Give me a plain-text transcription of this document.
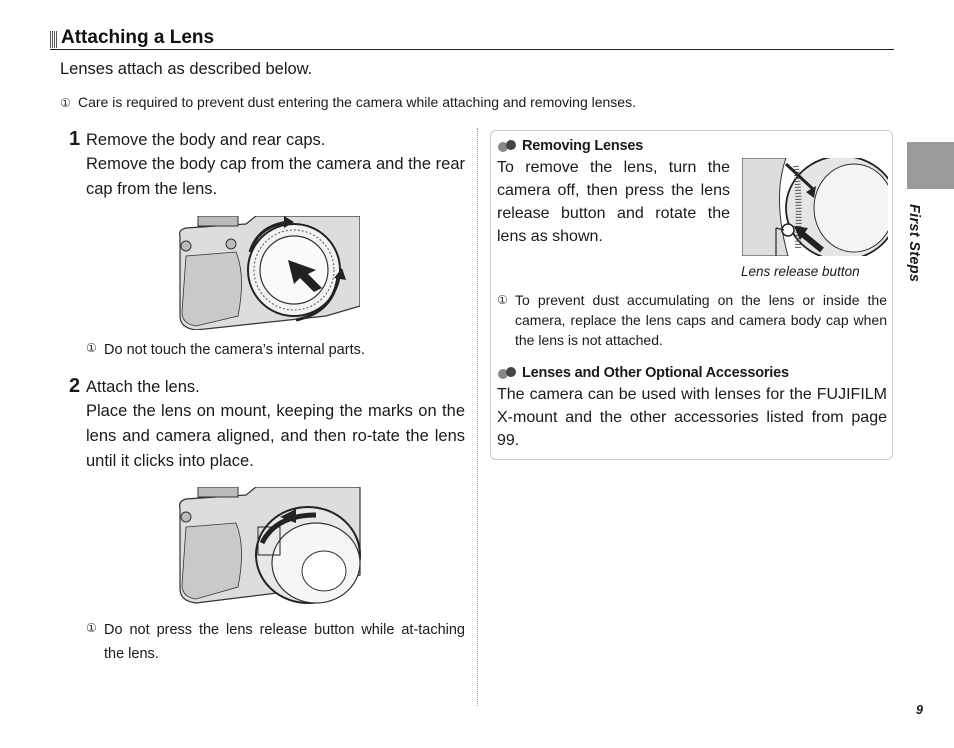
Attaching a Lens
Lenses attach as described below.
① Care is required to prevent dust entering the camera while attaching and removing lenses.
1 Remove the body and rear caps.
Remove the body cap from the camera and the rear cap from the lens.
① Do not touch the camera’s internal parts.
2 Attach the lens.
Place the lens on mount, keeping the marks on the lens and camera aligned, and then ro-tate the lens until it clicks into place.
① Do not press the lens release button while at-taching the lens.
Removing Lenses
To remove the lens, turn the camera off, then press the lens release button and rotate the lens as shown.
Lens release button
① To prevent dust accumulating on the lens or inside the camera, replace the lens caps and camera body cap when the lens is not attached.
Lenses and Other Optional Accessories
The camera can be used with lenses for the FUJIFILM X-mount and the other accessories listed from page 99.
First Steps
9
